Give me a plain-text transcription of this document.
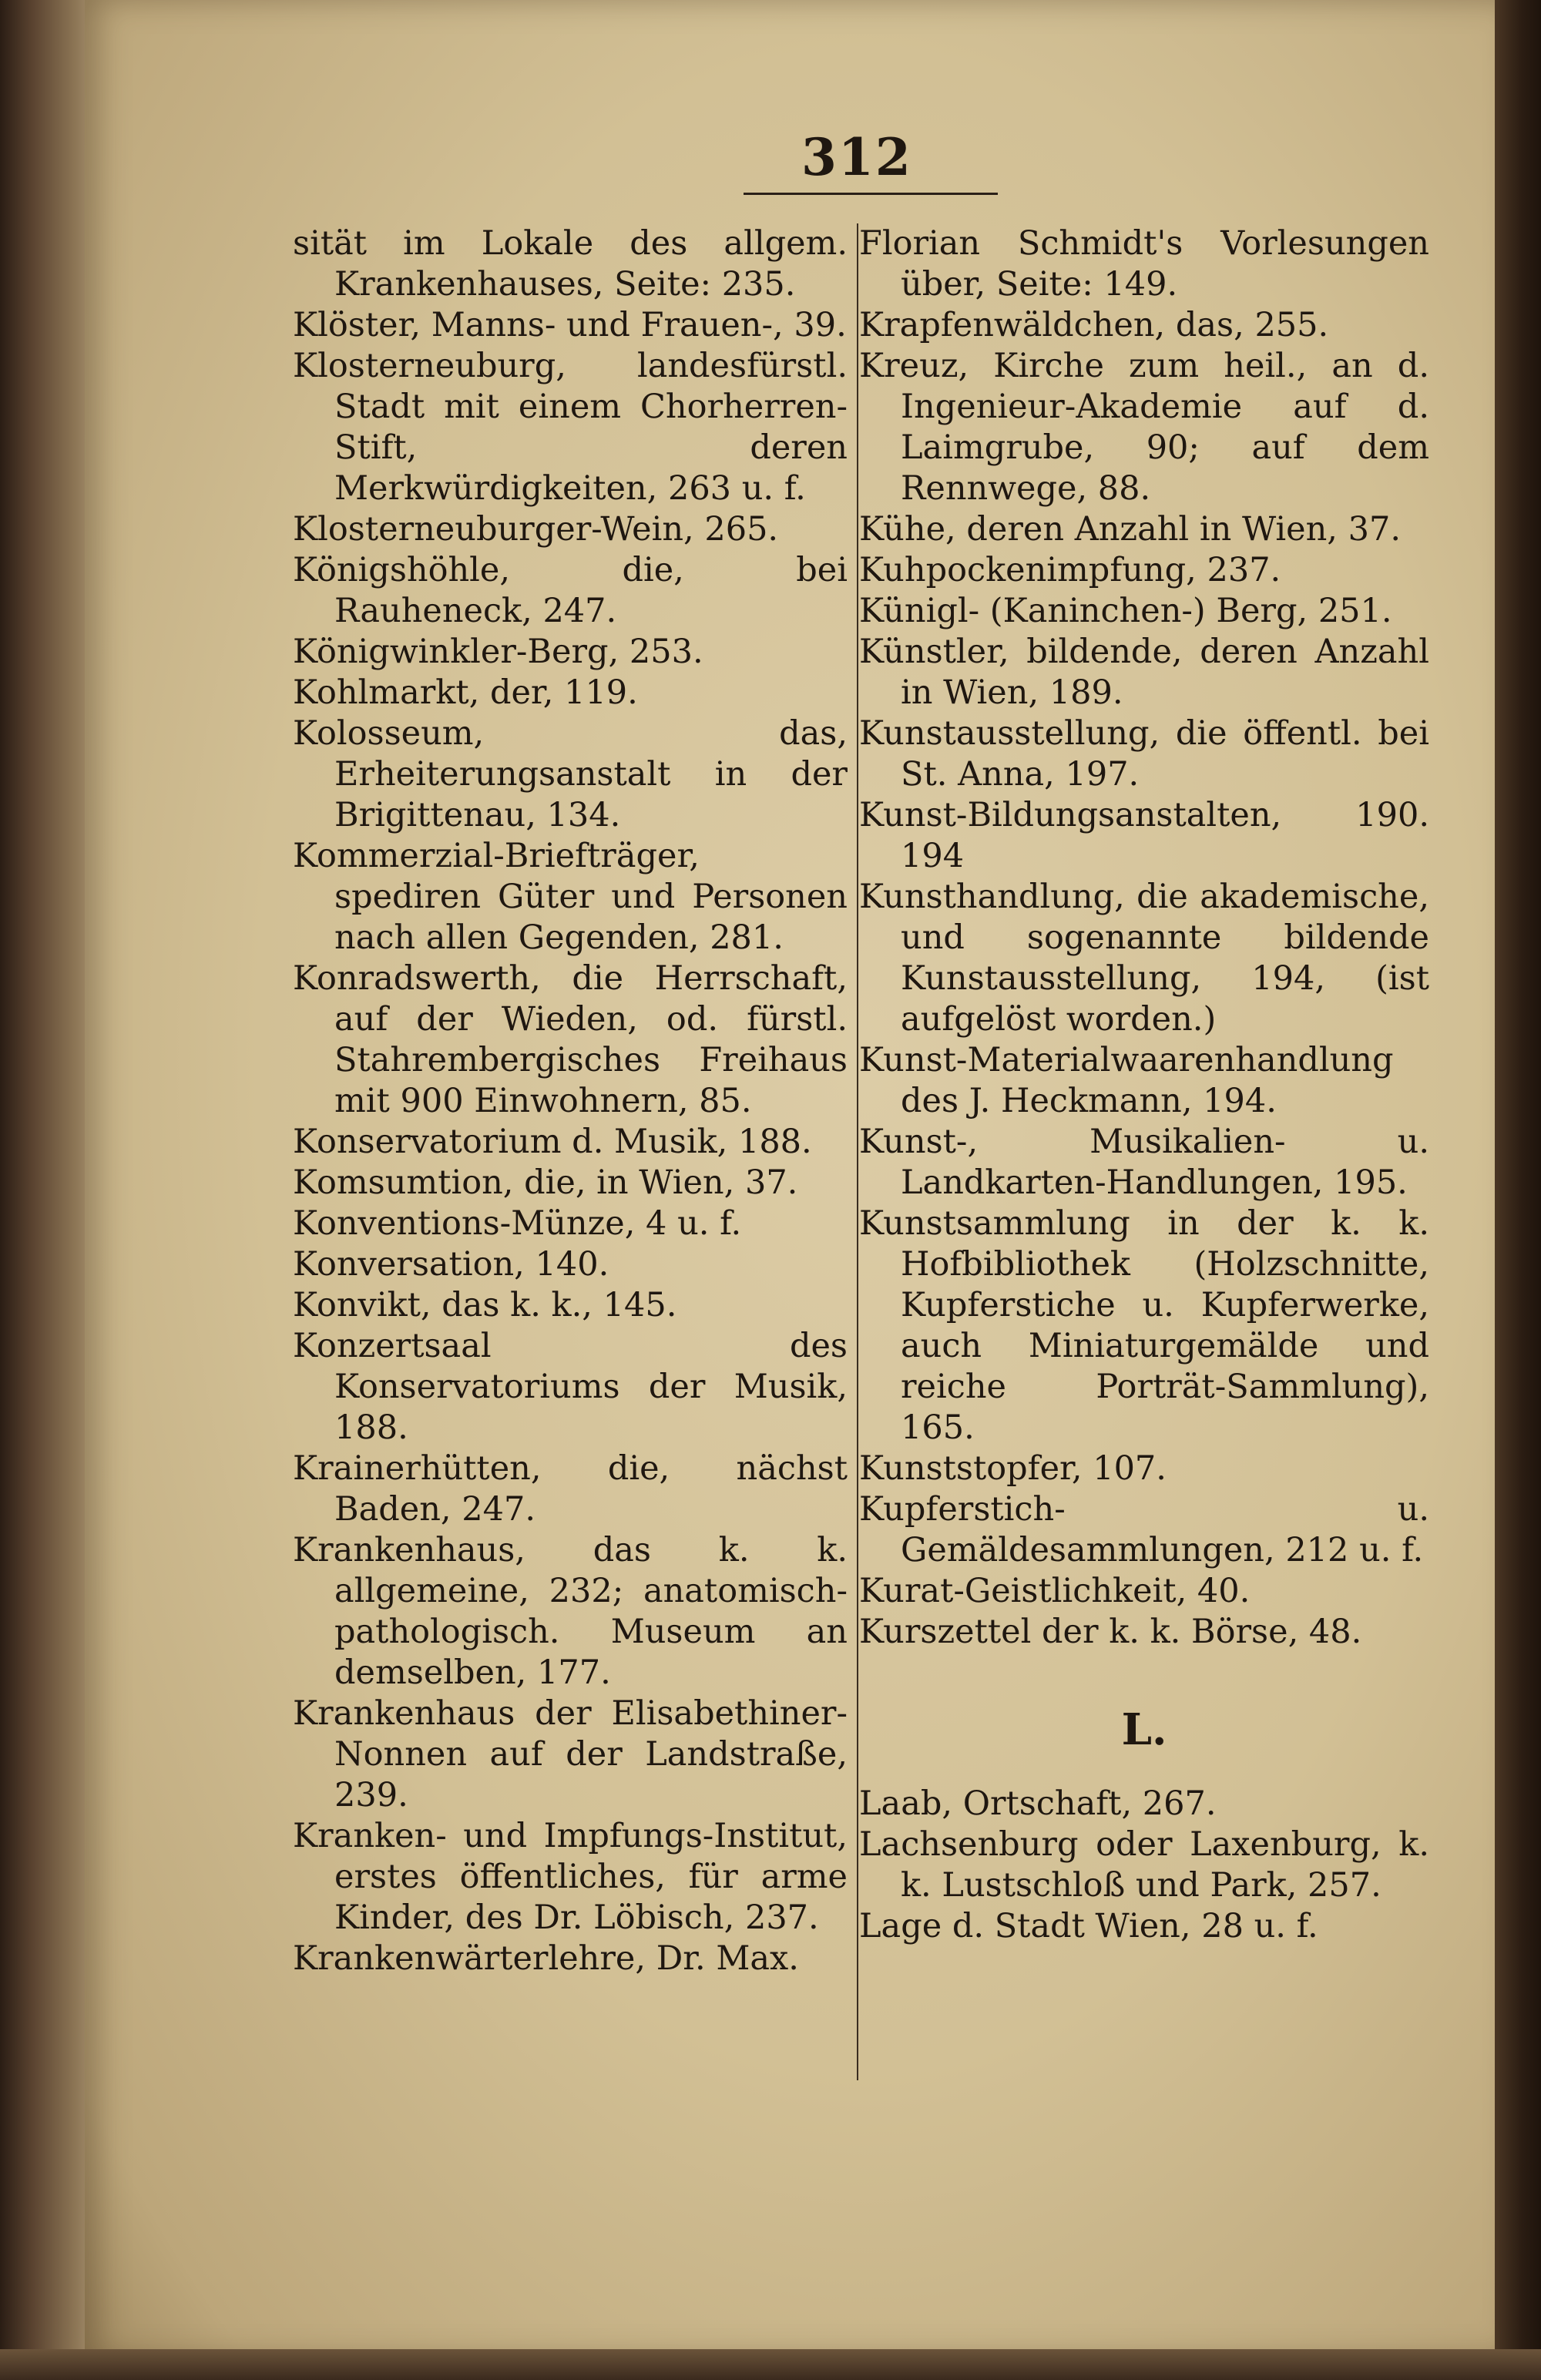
312

sität im Lokale des allgem. Krankenhauses, Seite: 235.

Klöster, Manns- und Frauen-, 39.

Klosterneuburg, landesfürstl. Stadt mit einem Chorherren-Stift, deren Merkwürdigkeiten, 263 u. f.

Klosterneuburger-Wein, 265.

Königshöhle, die, bei Rauheneck, 247.

Königwinkler-Berg, 253.

Kohlmarkt, der, 119.

Kolosseum, das, Erheiterungsanstalt in der Brigittenau, 134.

Kommerzial-Briefträger, spediren Güter und Personen nach allen Gegenden, 281.

Konradswerth, die Herrschaft, auf der Wieden, od. fürstl. Stahrembergisches Freihaus mit 900 Einwohnern, 85.

Konservatorium d. Musik, 188.

Komsumtion, die, in Wien, 37.

Konventions-Münze, 4 u. f.

Konversation, 140.

Konvikt, das k. k., 145.

Konzertsaal des Konservatoriums der Musik, 188.

Krainerhütten, die, nächst Baden, 247.

Krankenhaus, das k. k. allgemeine, 232; anatomisch-pathologisch. Museum an demselben, 177.

Krankenhaus der Elisabethiner-Nonnen auf der Landstraße, 239.

Kranken- und Impfungs-Institut, erstes öffentliches, für arme Kinder, des Dr. Löbisch, 237.

Krankenwärterlehre, Dr. Max.

Florian Schmidt's Vorlesungen über, Seite: 149.

Krapfenwäldchen, das, 255.

Kreuz, Kirche zum heil., an d. Ingenieur-Akademie auf d. Laimgrube, 90; auf dem Rennwege, 88.

Kühe, deren Anzahl in Wien, 37.

Kuhpockenimpfung, 237.

Künigl- (Kaninchen-) Berg, 251.

Künstler, bildende, deren Anzahl in Wien, 189.

Kunstausstellung, die öffentl. bei St. Anna, 197.

Kunst-Bildungsanstalten, 190. 194

Kunsthandlung, die akademische, und sogenannte bildende Kunstausstellung, 194, (ist aufgelöst worden.)

Kunst-Materialwaarenhandlung des J. Heckmann, 194.

Kunst-, Musikalien- u. Landkarten-Handlungen, 195.

Kunstsammlung in der k. k. Hofbibliothek (Holzschnitte, Kupferstiche u. Kupferwerke, auch Miniaturgemälde und reiche Porträt-Sammlung), 165.

Kunststopfer, 107.

Kupferstich- u. Gemäldesammlungen, 212 u. f.

Kurat-Geistlichkeit, 40.

Kurszettel der k. k. Börse, 48.

L.

Laab, Ortschaft, 267.

Lachsenburg oder Laxenburg, k. k. Lustschloß und Park, 257.

Lage d. Stadt Wien, 28 u. f.
